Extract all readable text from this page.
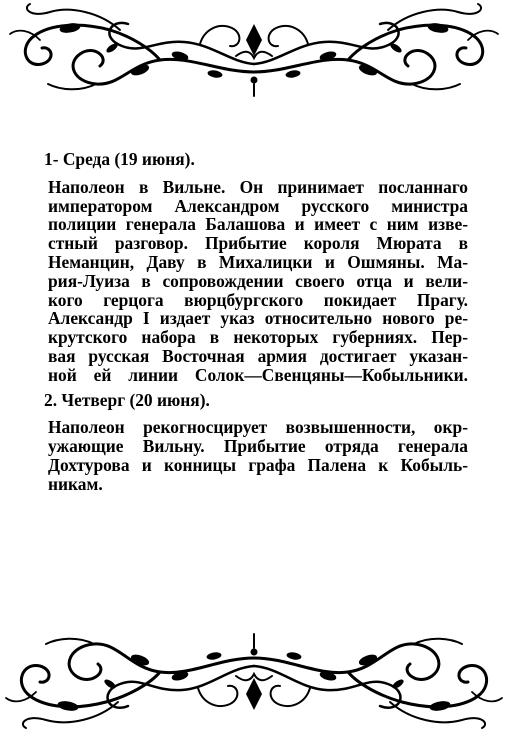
1- Среда (19 июня).

Наполеон в Вильне. Он принимает посланнаго
императором Александром русского министра
полиции генерала Балашова и имеет с ним изве-
стный разговор. Прибытие короля Мюрата в
Неманцин, Даву в Михалицки и Ошмяны. Ма-
рия-Луиза в сопровождении своего отца и вели-
кого герцога вюрцбургского покидает Прагу.
Александр I издает указ относительно нового ре-
крутского набора в некоторых губерниях. Пер-
вая русская Восточная армия достигает указан-
ной ей линии Солок—Свенцяны—Кобыльники.

2. Четверг (20 июня).

Наполеон рекогносцирует возвышенности, окр-
ужающие Вильну. Прибытие отряда генерала
Дохтурова и конницы графа Палена к Кобыль-
никам.
